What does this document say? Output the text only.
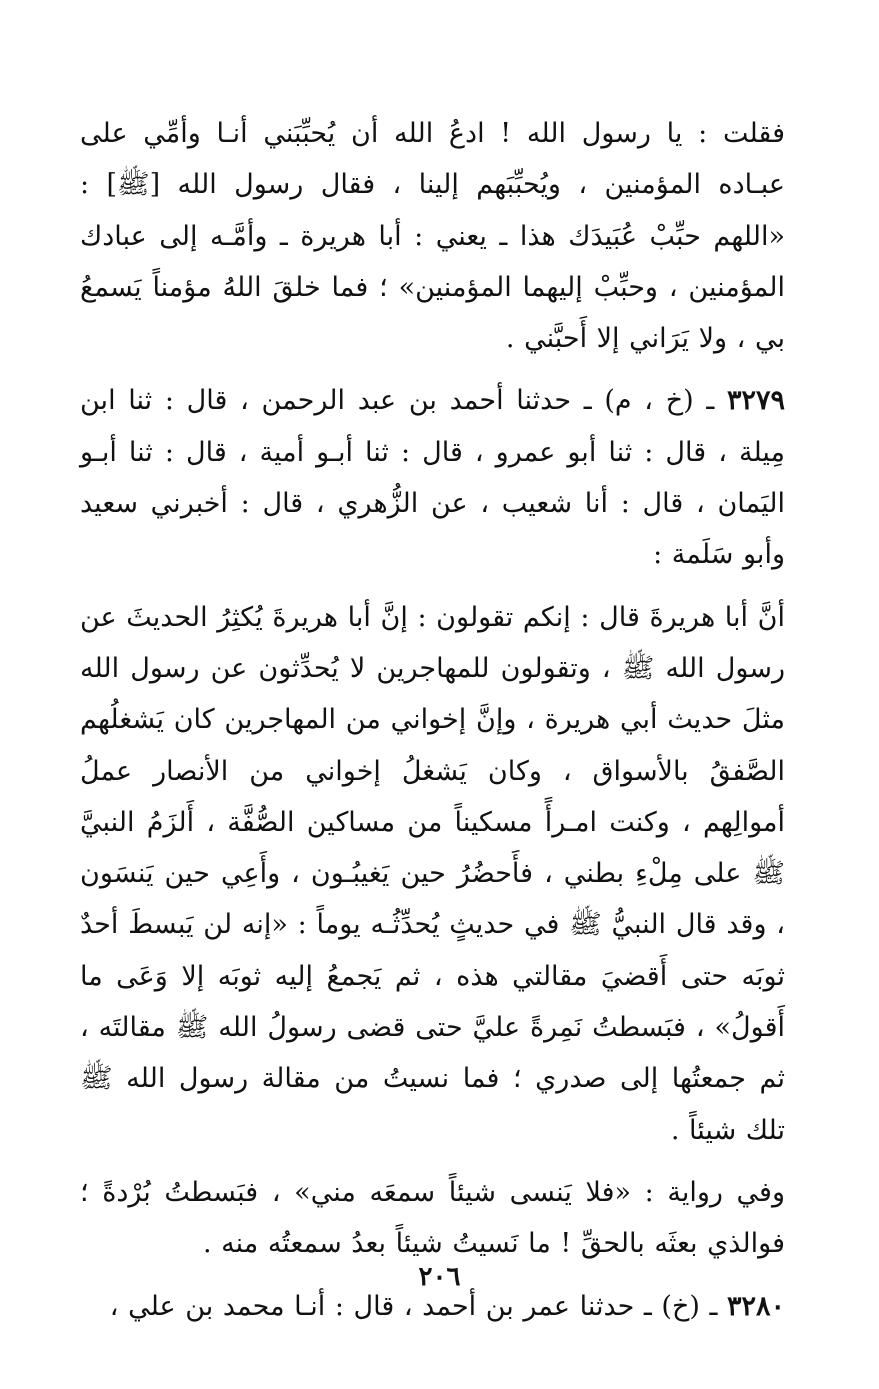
فقلت : يا رسول الله ! ادعُ الله أن يُحبِّبَني أنـا وأمِّي على عبـاده المؤمنين ، ويُحبِّبَهم إلينا ، فقال رسول الله [ﷺ] : «اللهم حبِّبْ عُبَيدَك هذا ـ يعني : أبا هريرة ـ وأمَّـه إلى عبادك المؤمنين ، وحبِّبْ إليهما المؤمنين» ؛ فما خلقَ اللهُ مؤمناً يَسمعُ بي ، ولا يَرَاني إلا أَحبَّني .

٣٢٧٩ ـ (خ ، م) ـ حدثنا أحمد بن عبد الرحمن ، قال : ثنا ابن مِيلة ، قال : ثنا أبو عمرو ، قال : ثنا أبـو أمية ، قال : ثنا أبـو اليَمان ، قال : أنا شعيب ، عن الزُّهري ، قال : أخبرني سعيد وأبو سَلَمة :

أنَّ أبا هريرةَ قال : إنكم تقولون : إنَّ أبا هريرةَ يُكثِرُ الحديثَ عن رسول الله ﷺ ، وتقولون للمهاجرين لا يُحدِّثون عن رسول الله مثلَ حديث أبي هريرة ، وإنَّ إخواني من المهاجرين كان يَشغلُهم الصَّفقُ بالأسواق ، وكان يَشغلُ إخواني من الأنصار عملُ أموالِهم ، وكنت امـرأً مسكيناً من مساكين الصُّفَّة ، أَلزَمُ النبيَّ ﷺ على مِلْءِ بطني ، فأَحضُرُ حين يَغيبُـون ، وأَعِي حين يَنسَون ، وقد قال النبيُّ ﷺ في حديثٍ يُحدِّثُـه يوماً : «إنه لن يَبسطَ أحدٌ ثوبَه حتى أَقضيَ مقالتي هذه ، ثم يَجمعُ إليه ثوبَه إلا وَعَى ما أَقولُ» ، فبَسطتُ نَمِرةً عليَّ حتى قضى رسولُ الله ﷺ مقالتَه ، ثم جمعتُها إلى صدري ؛ فما نسيتُ من مقالة رسول الله ﷺ تلك شيئاً .

وفي رواية : «فلا يَنسى شيئاً سمعَه مني» ، فبَسطتُ بُرْدةً ؛ فوالذي بعثَه بالحقِّ ! ما نَسيتُ شيئاً بعدُ سمعتُه منه .

٣٢٨٠ ـ (خ) ـ حدثنا عمر بن أحمد ، قال : أنـا محمد بن علي ،

٢٠٦
